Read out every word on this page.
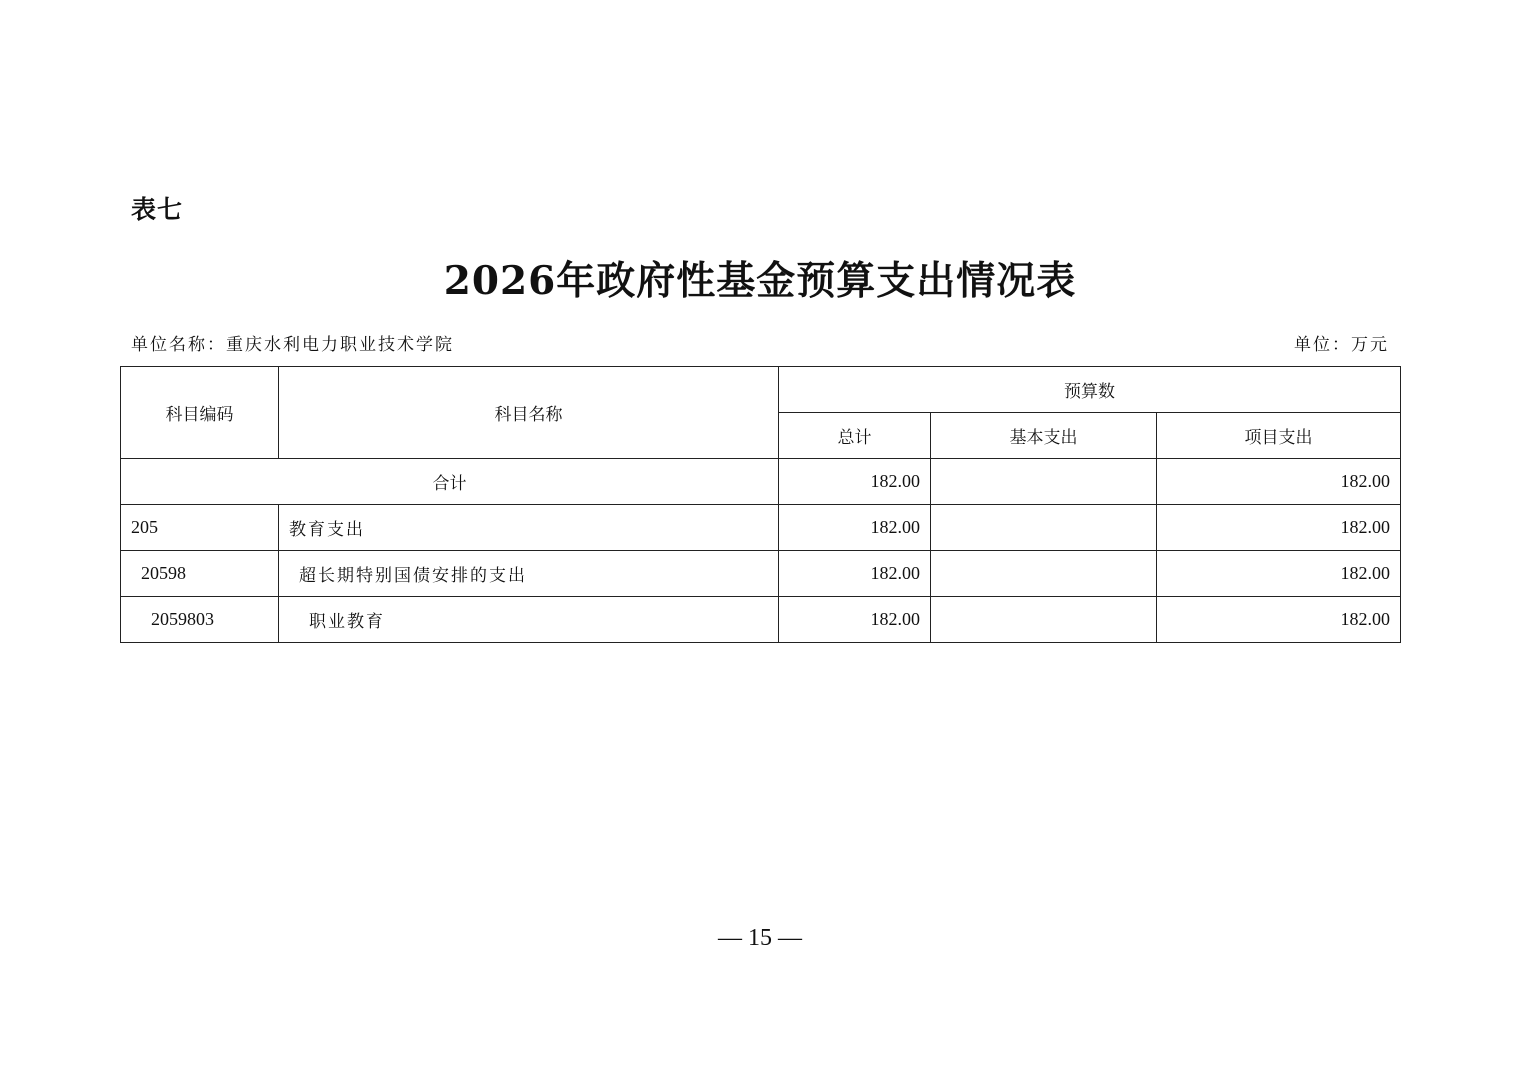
表七
2026年政府性基金预算支出情况表
单位名称：重庆水利电力职业技术学院	单位：万元
科目编码	科目名称	预算数		
		总计	基本支出	项目支出
合计		182.00		182.00
205	教育支出	182.00		182.00
20598	超长期特别国债安排的支出	182.00		182.00
2059803	职业教育	182.00		182.00
— 15 —
